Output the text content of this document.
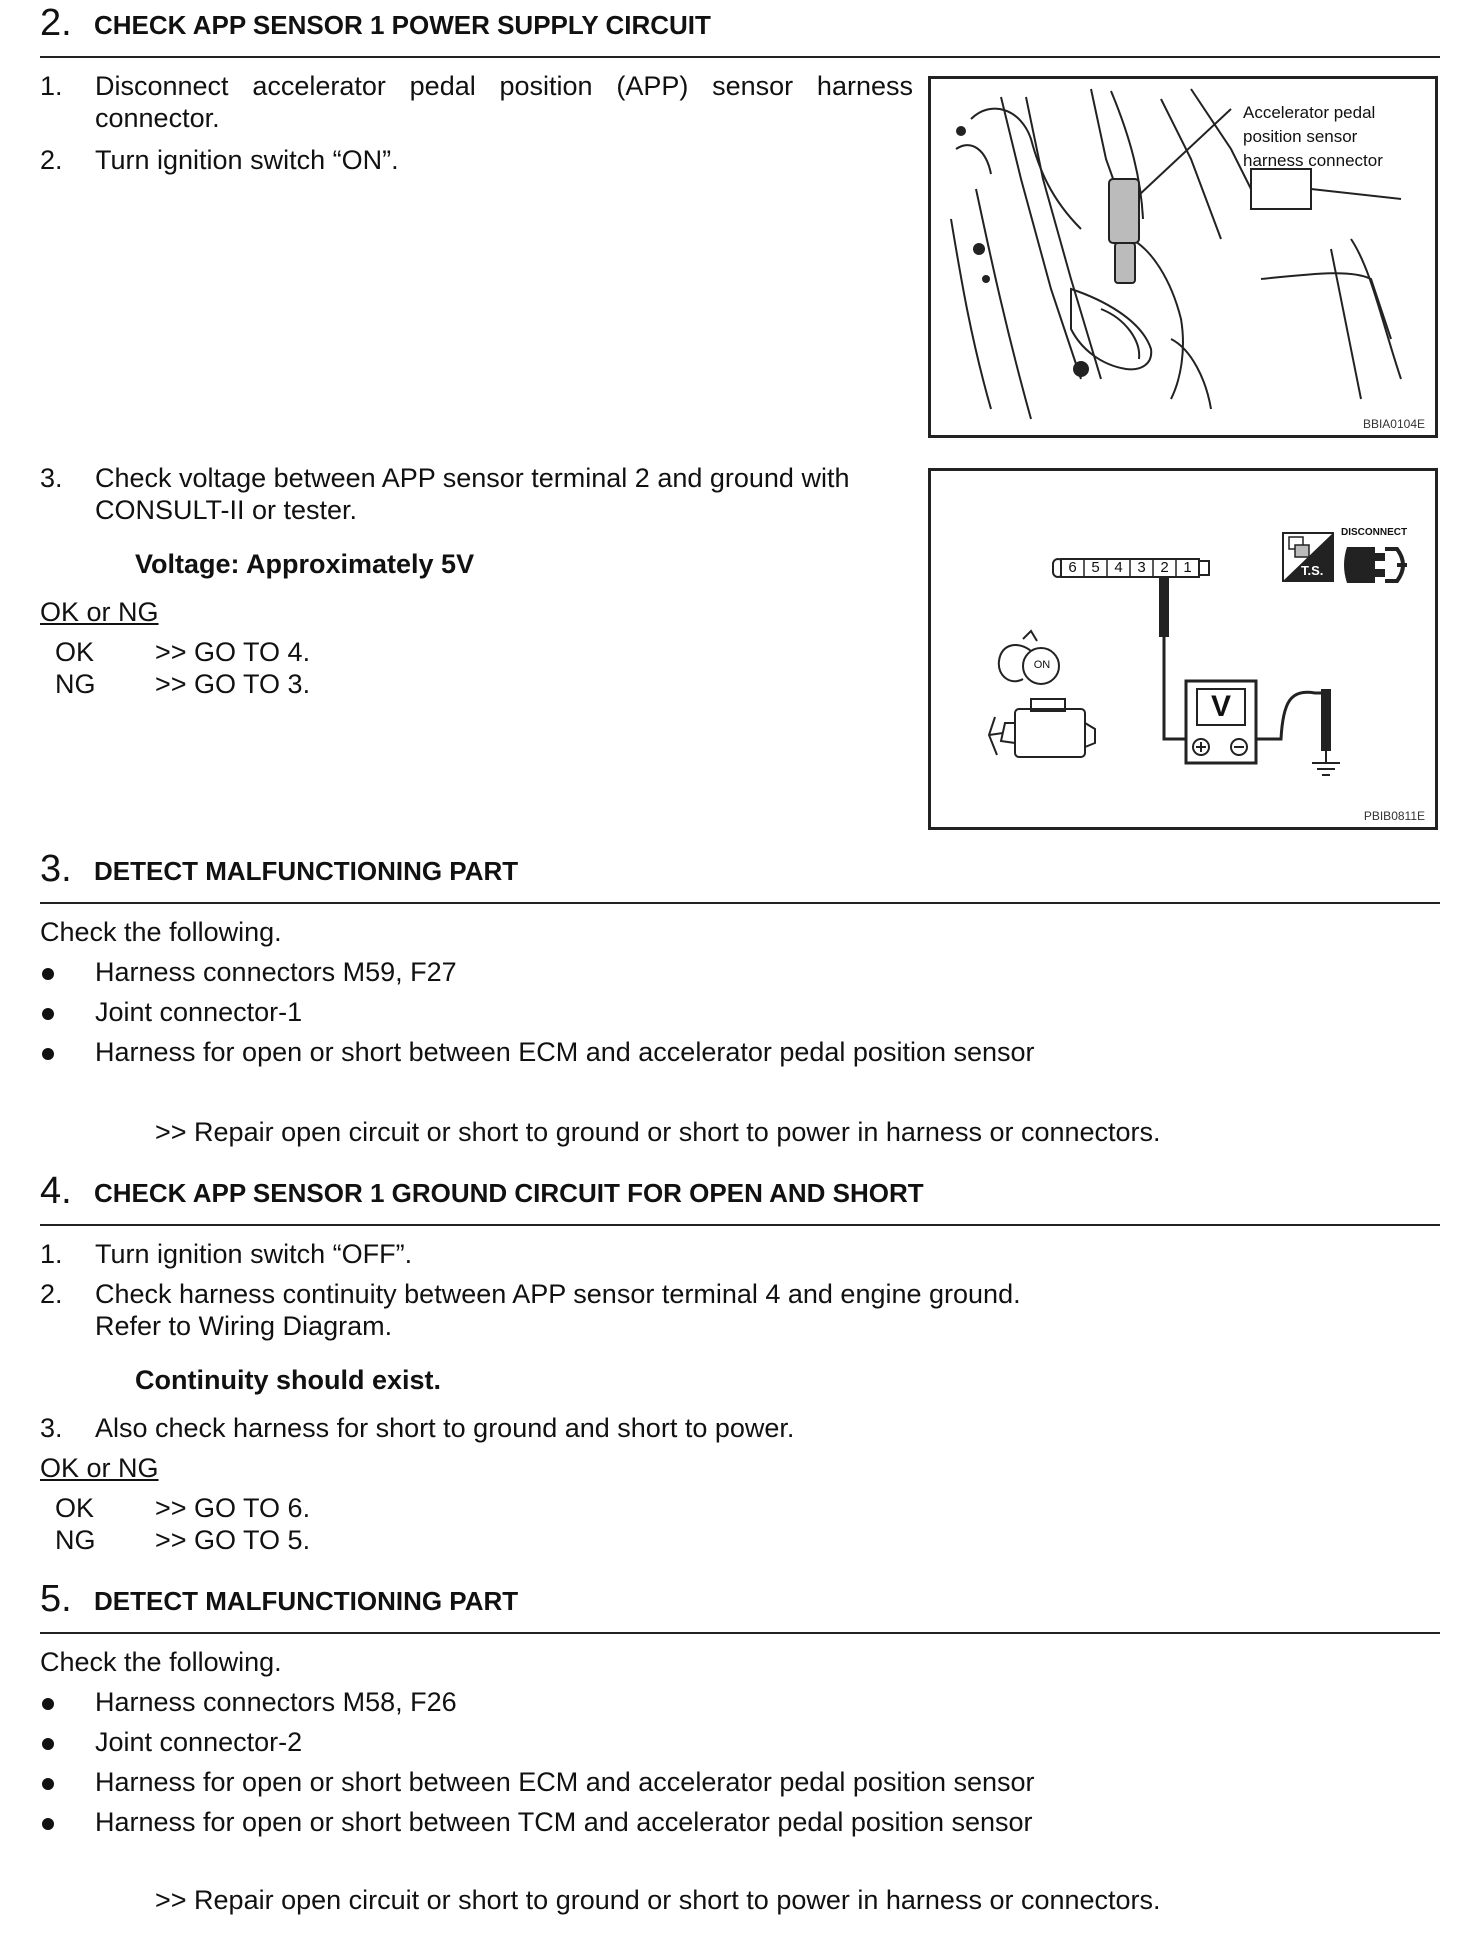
2. CHECK APP SENSOR 1 POWER SUPPLY CIRCUIT
1. Disconnect accelerator pedal position (APP) sensor harness
connector.
2. Turn ignition switch “ON”.
Accelerator pedal
position sensor
harness connector
BBIA0104E
3. Check voltage between APP sensor terminal 2 and ground with
CONSULT-II or tester.
Voltage: Approximately 5V
OK or NG
OK >> GO TO 4.
NG >> GO TO 3.
6 5 4 3 2 1
V
ON
T.S.
DISCONNECT
PBIB0811E
3. DETECT MALFUNCTIONING PART
Check the following.
Harness connectors M59, F27
Joint connector-1
Harness for open or short between ECM and accelerator pedal position sensor
>> Repair open circuit or short to ground or short to power in harness or connectors.
4. CHECK APP SENSOR 1 GROUND CIRCUIT FOR OPEN AND SHORT
1. Turn ignition switch “OFF”.
2. Check harness continuity between APP sensor terminal 4 and engine ground.
Refer to Wiring Diagram.
Continuity should exist.
3. Also check harness for short to ground and short to power.
OK or NG
OK >> GO TO 6.
NG >> GO TO 5.
5. DETECT MALFUNCTIONING PART
Check the following.
Harness connectors M58, F26
Joint connector-2
Harness for open or short between ECM and accelerator pedal position sensor
Harness for open or short between TCM and accelerator pedal position sensor
>> Repair open circuit or short to ground or short to power in harness or connectors.
